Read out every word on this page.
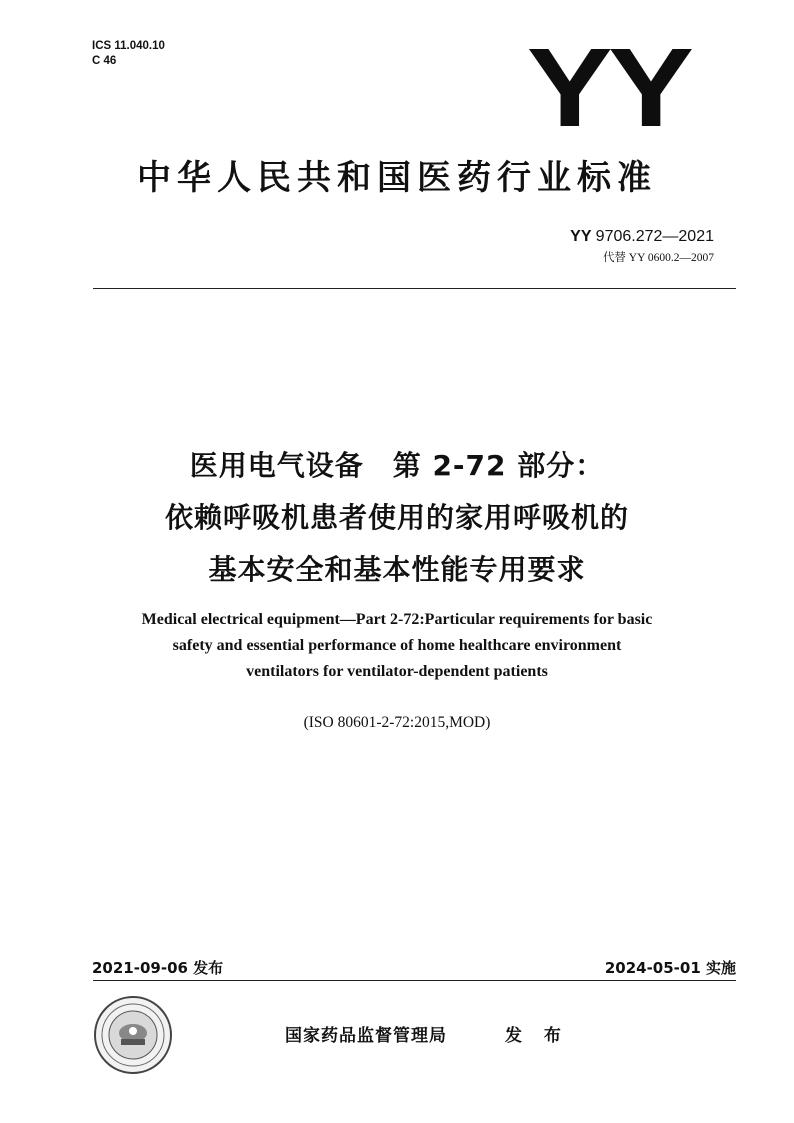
ICS 11.040.10
C 46	YY
中华人民共和国医药行业标准
YY 9706.272—2021
代替 YY 0600.2—2007
医用电气设备　第 2-72 部分：
依赖呼吸机患者使用的家用呼吸机的
基本安全和基本性能专用要求
Medical electrical equipment—Part 2-72:Particular requirements for basic
safety and essential performance of home healthcare environment
ventilators for ventilator-dependent patients
(ISO 80601-2-72:2015,MOD)
2021-09-06 发布	2024-05-01 实施
国家药品监督管理局	发 布
